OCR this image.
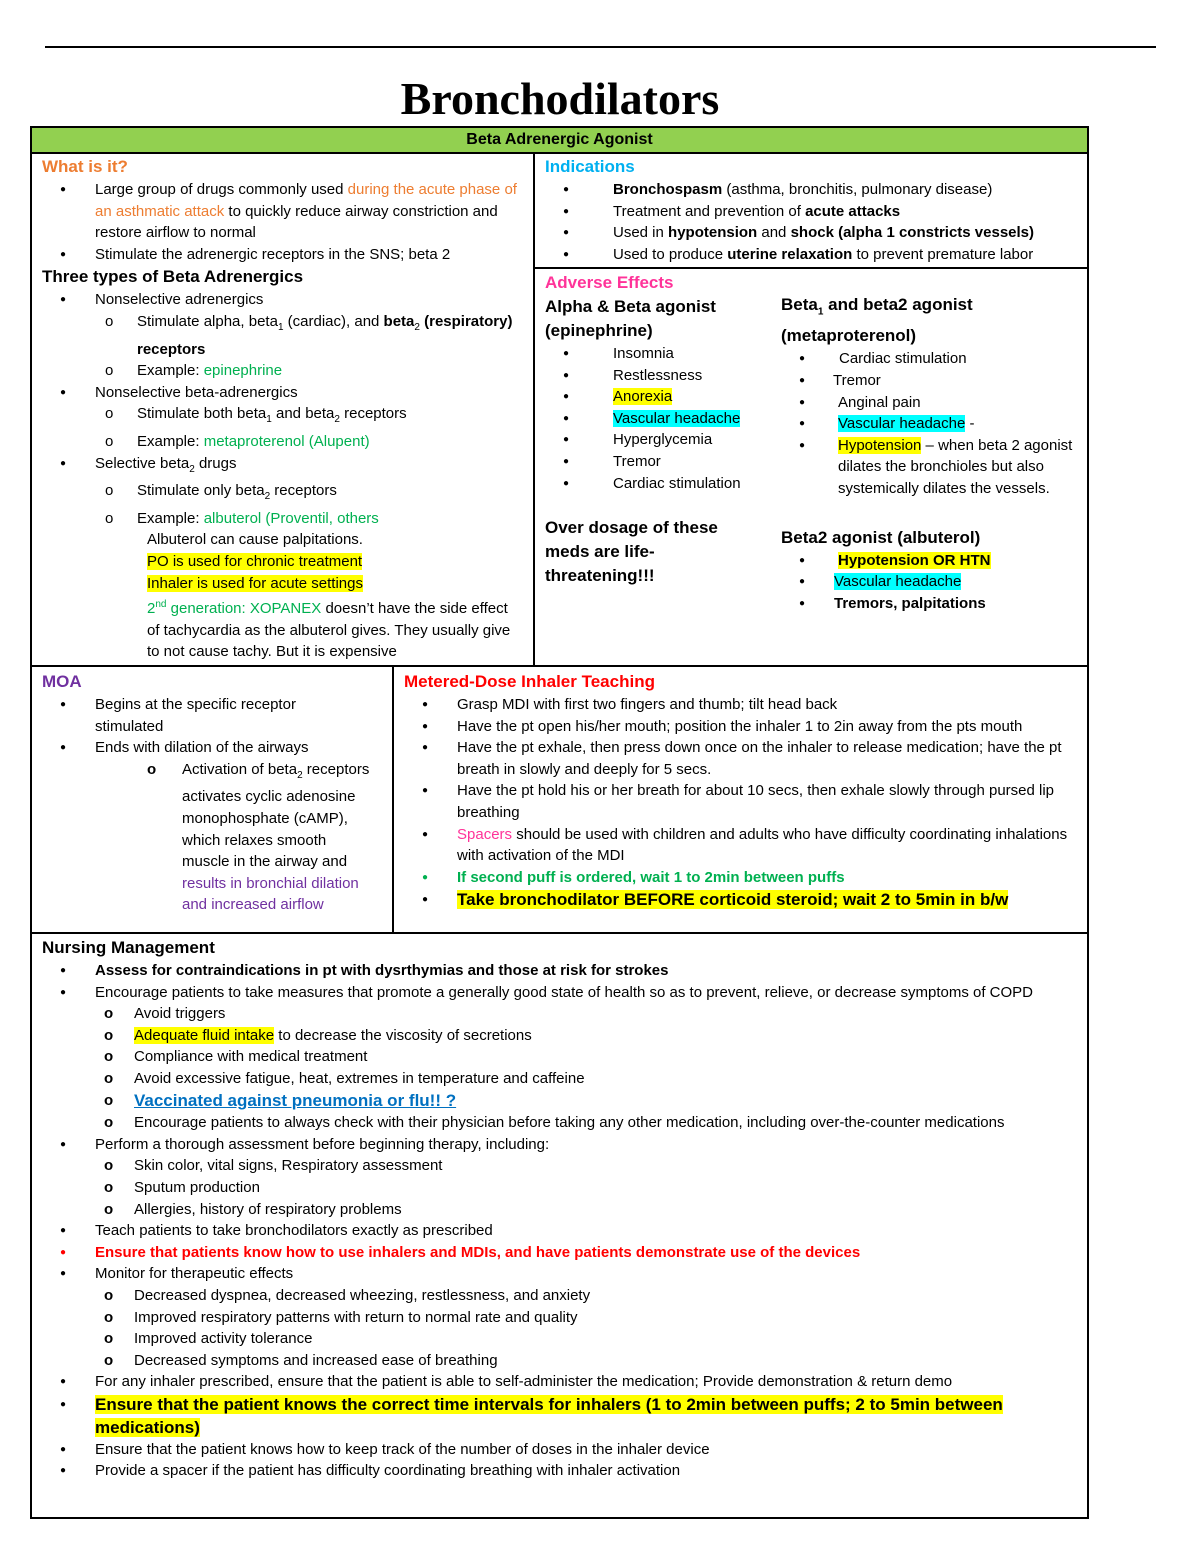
Bronchodilators
Beta Adrenergic Agonist
What is it?
● Large group of drugs commonly used during the acute phase of an asthmatic attack to quickly reduce airway constriction and restore airflow to normal
● Stimulate the adrenergic receptors in the SNS; beta 2
Three types of Beta Adrenergics
● Nonselective adrenergics
o Stimulate alpha, beta$_1$ (cardiac), and beta$_2$ (respiratory) receptors
o Example: epinephrine
● Nonselective beta-adrenergics
o Stimulate both beta$_1$ and beta$_2$ receptors
o Example: metaproterenol (Alupent)
● Selective beta$_2$ drugs
o Stimulate only beta$_2$ receptors
o Example: albuterol (Proventil, others
Albuterol can cause palpitations.
PO is used for chronic treatment
Inhaler is used for acute settings
2nd generation: XOPANEX doesn’t have the side effect
of tachycardia as the albuterol gives. They usually give to not cause tachy. But it is expensive
Indications
● Bronchospasm (asthma, bronchitis, pulmonary disease)
● Treatment and prevention of acute attacks
● Used in hypotension and shock (alpha 1 constricts vessels)
● Used to produce uterine relaxation to prevent premature labor
Adverse Effects
Alpha & Beta agonist (epinephrine)
● Insomnia
● Restlessness
● Anorexia
● Vascular headache
● Hyperglycemia
● Tremor
● Cardiac stimulation
Over dosage of these meds are life-threatening!!!
Beta$_1$ and beta2 agonist (metaproterenol)
● Cardiac stimulation
● Tremor
● Anginal pain
● Vascular headache -
● Hypotension – when beta 2 agonist dilates the bronchioles but also systemically dilates the vessels.
Beta2 agonist (albuterol)
● Hypotension OR HTN
● Vascular headache
● Tremors, palpitations
MOA
● Begins at the specific receptor stimulated
● Ends with dilation of the airways
o Activation of beta$_2$ receptors activates cyclic adenosine monophosphate (cAMP), which relaxes smooth muscle in the airway and results in bronchial dilation and increased airflow
Metered-Dose Inhaler Teaching
● Grasp MDI with first two fingers and thumb; tilt head back
● Have the pt open his/her mouth; position the inhaler 1 to 2in away from the pts mouth
● Have the pt exhale, then press down once on the inhaler to release medication; have the pt breath in slowly and deeply for 5 secs.
● Have the pt hold his or her breath for about 10 secs, then exhale slowly through pursed lip breathing
● Spacers should be used with children and adults who have difficulty coordinating inhalations with activation of the MDI
● If second puff is ordered, wait 1 to 2min between puffs
● Take bronchodilator BEFORE corticoid steroid; wait 2 to 5min in b/w
Nursing Management
● Assess for contraindications in pt with dysrthymias and those at risk for strokes
● Encourage patients to take measures that promote a generally good state of health so as to prevent, relieve, or decrease symptoms of COPD
o Avoid triggers
o Adequate fluid intake to decrease the viscosity of secretions
o Compliance with medical treatment
o Avoid excessive fatigue, heat, extremes in temperature and caffeine
o Vaccinated against pneumonia or flu!! ?
o Encourage patients to always check with their physician before taking any other medication, including over-the-counter medications
● Perform a thorough assessment before beginning therapy, including:
o Skin color, vital signs, Respiratory assessment
o Sputum production
o Allergies, history of respiratory problems
● Teach patients to take bronchodilators exactly as prescribed
● Ensure that patients know how to use inhalers and MDIs, and have patients demonstrate use of the devices
● Monitor for therapeutic effects
o Decreased dyspnea, decreased wheezing, restlessness, and anxiety
o Improved respiratory patterns with return to normal rate and quality
o Improved activity tolerance
o Decreased symptoms and increased ease of breathing
● For any inhaler prescribed, ensure that the patient is able to self-administer the medication; Provide demonstration & return demo
● Ensure that the patient knows the correct time intervals for inhalers (1 to 2min between puffs; 2 to 5min between medications)
● Ensure that the patient knows how to keep track of the number of doses in the inhaler device
● Provide a spacer if the patient has difficulty coordinating breathing with inhaler activation
